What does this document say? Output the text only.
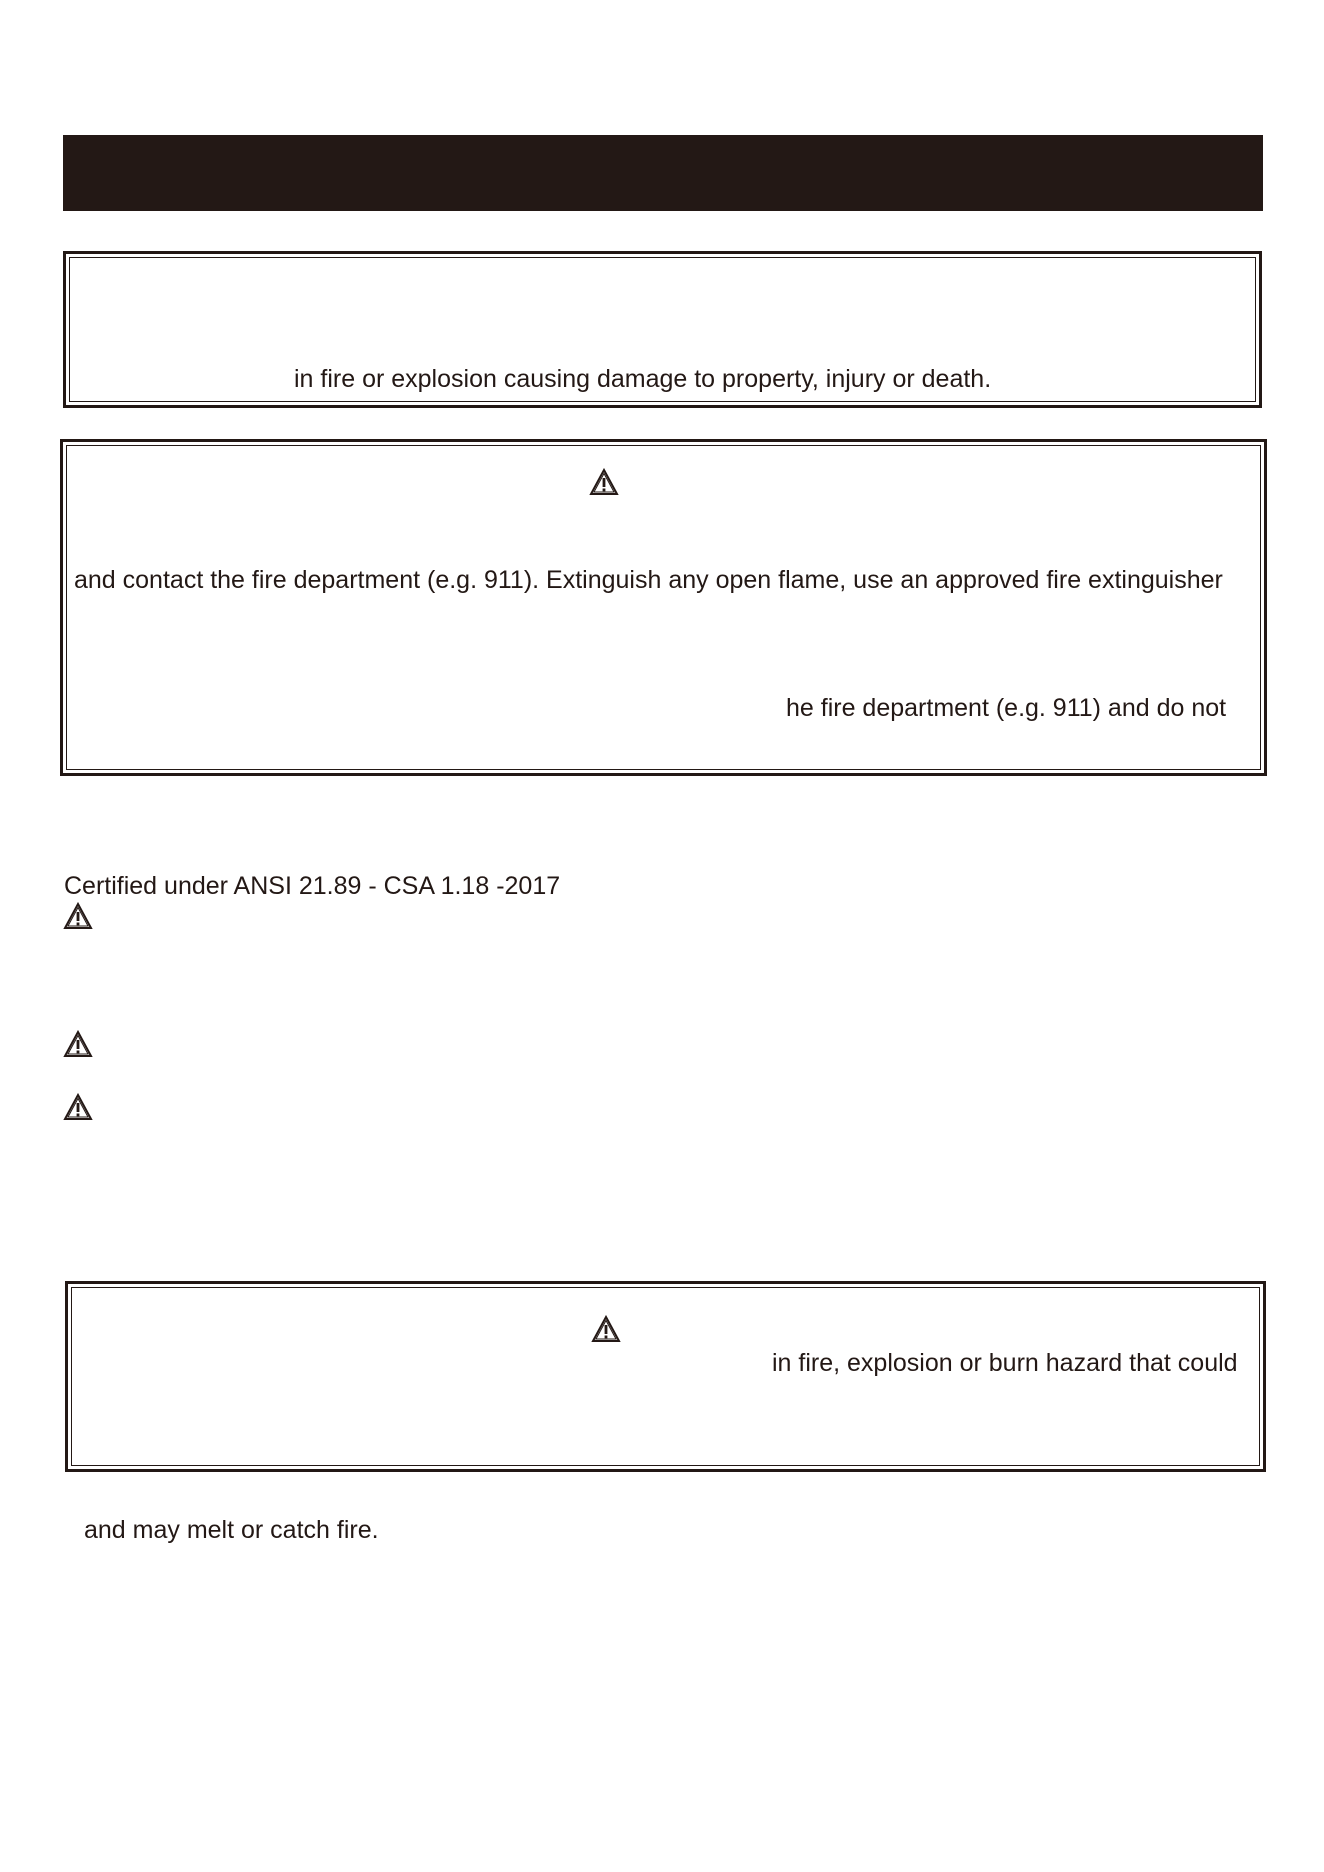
in fire or explosion causing damage to property, injury or death.
and contact the fire department (e.g. 911). Extinguish any open flame, use an approved fire extinguisher
he fire department (e.g. 911) and do not
Certified under ANSI 21.89 - CSA 1.18 -2017
in fire, explosion or burn hazard that could
and may melt or catch fire.
